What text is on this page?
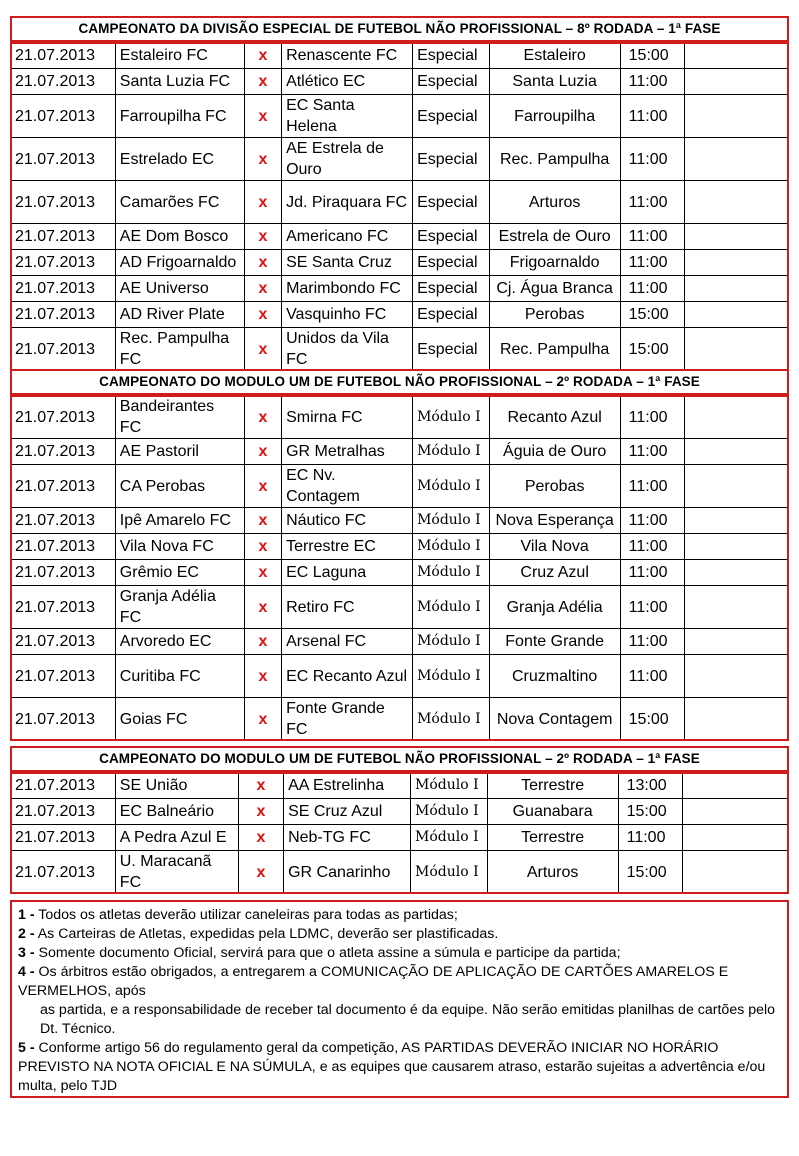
CAMPEONATO DA DIVISÃO ESPECIAL DE FUTEBOL NÃO PROFISSIONAL – 8º RODADA – 1ª FASE
21.07.2013	Estaleiro FC	x	Renascente FC	Especial	Estaleiro	15:00	
21.07.2013	Santa Luzia FC	x	Atlético EC	Especial	Santa Luzia	11:00	
21.07.2013	Farroupilha FC	x	EC Santa Helena	Especial	Farroupilha	11:00	
21.07.2013	Estrelado EC	x	AE Estrela de Ouro	Especial	Rec. Pampulha	11:00	
21.07.2013	Camarões FC	x	Jd. Piraquara FC	Especial	Arturos	11:00	
21.07.2013	AE Dom Bosco	x	Americano FC	Especial	Estrela de Ouro	11:00	
21.07.2013	AD Frigoarnaldo	x	SE Santa Cruz	Especial	Frigoarnaldo	11:00	
21.07.2013	AE Universo	x	Marimbondo FC	Especial	Cj. Água Branca	11:00	
21.07.2013	AD River Plate	x	Vasquinho FC	Especial	Perobas	15:00	
21.07.2013	Rec. Pampulha FC	x	Unidos da Vila FC	Especial	Rec. Pampulha	15:00	
CAMPEONATO DO MODULO UM DE FUTEBOL NÃO PROFISSIONAL – 2º RODADA – 1ª FASE
21.07.2013	Bandeirantes FC	x	Smirna FC	Módulo I	Recanto Azul	11:00	
21.07.2013	AE Pastoril	x	GR Metralhas	Módulo I	Águia de Ouro	11:00	
21.07.2013	CA Perobas	x	EC Nv. Contagem	Módulo I	Perobas	11:00	
21.07.2013	Ipê Amarelo FC	x	Náutico FC	Módulo I	Nova Esperança	11:00	
21.07.2013	Vila Nova FC	x	Terrestre EC	Módulo I	Vila Nova	11:00	
21.07.2013	Grêmio EC	x	EC Laguna	Módulo I	Cruz Azul	11:00	
21.07.2013	Granja Adélia FC	x	Retiro FC	Módulo I	Granja Adélia	11:00	
21.07.2013	Arvoredo EC	x	Arsenal FC	Módulo I	Fonte Grande	11:00	
21.07.2013	Curitiba FC	x	EC Recanto Azul	Módulo I	Cruzmaltino	11:00	
21.07.2013	Goias FC	x	Fonte Grande FC	Módulo I	Nova Contagem	15:00	
CAMPEONATO DO MODULO UM DE FUTEBOL NÃO PROFISSIONAL – 2º RODADA – 1ª FASE
21.07.2013	SE União	x	AA Estrelinha	Módulo I	Terrestre	13:00	
21.07.2013	EC Balneário	x	SE Cruz Azul	Módulo I	Guanabara	15:00	
21.07.2013	A Pedra Azul E	x	Neb-TG FC	Módulo I	Terrestre	11:00	
21.07.2013	U. Maracanã FC	x	GR Canarinho	Módulo I	Arturos	15:00	

1 - Todos os atletas deverão utilizar caneleiras para todas as partidas;

2 - As Carteiras de Atletas, expedidas pela LDMC, deverão ser plastificadas.

3 - Somente documento Oficial, servirá para que o atleta assine a súmula e participe da partida;

4 - Os árbitros estão obrigados, a entregarem a COMUNICAÇÃO DE APLICAÇÃO DE CARTÕES AMARELOS E VERMELHOS, após

as partida, e a responsabilidade de receber tal documento é da equipe. Não serão emitidas planilhas de cartões pelo Dt. Técnico.

5 - Conforme artigo 56 do regulamento geral da competição, AS PARTIDAS DEVERÃO INICIAR NO HORÁRIO PREVISTO NA NOTA OFICIAL E NA SÚMULA, e as equipes que causarem atraso, estarão sujeitas a advertência e/ou multa, pelo TJD
